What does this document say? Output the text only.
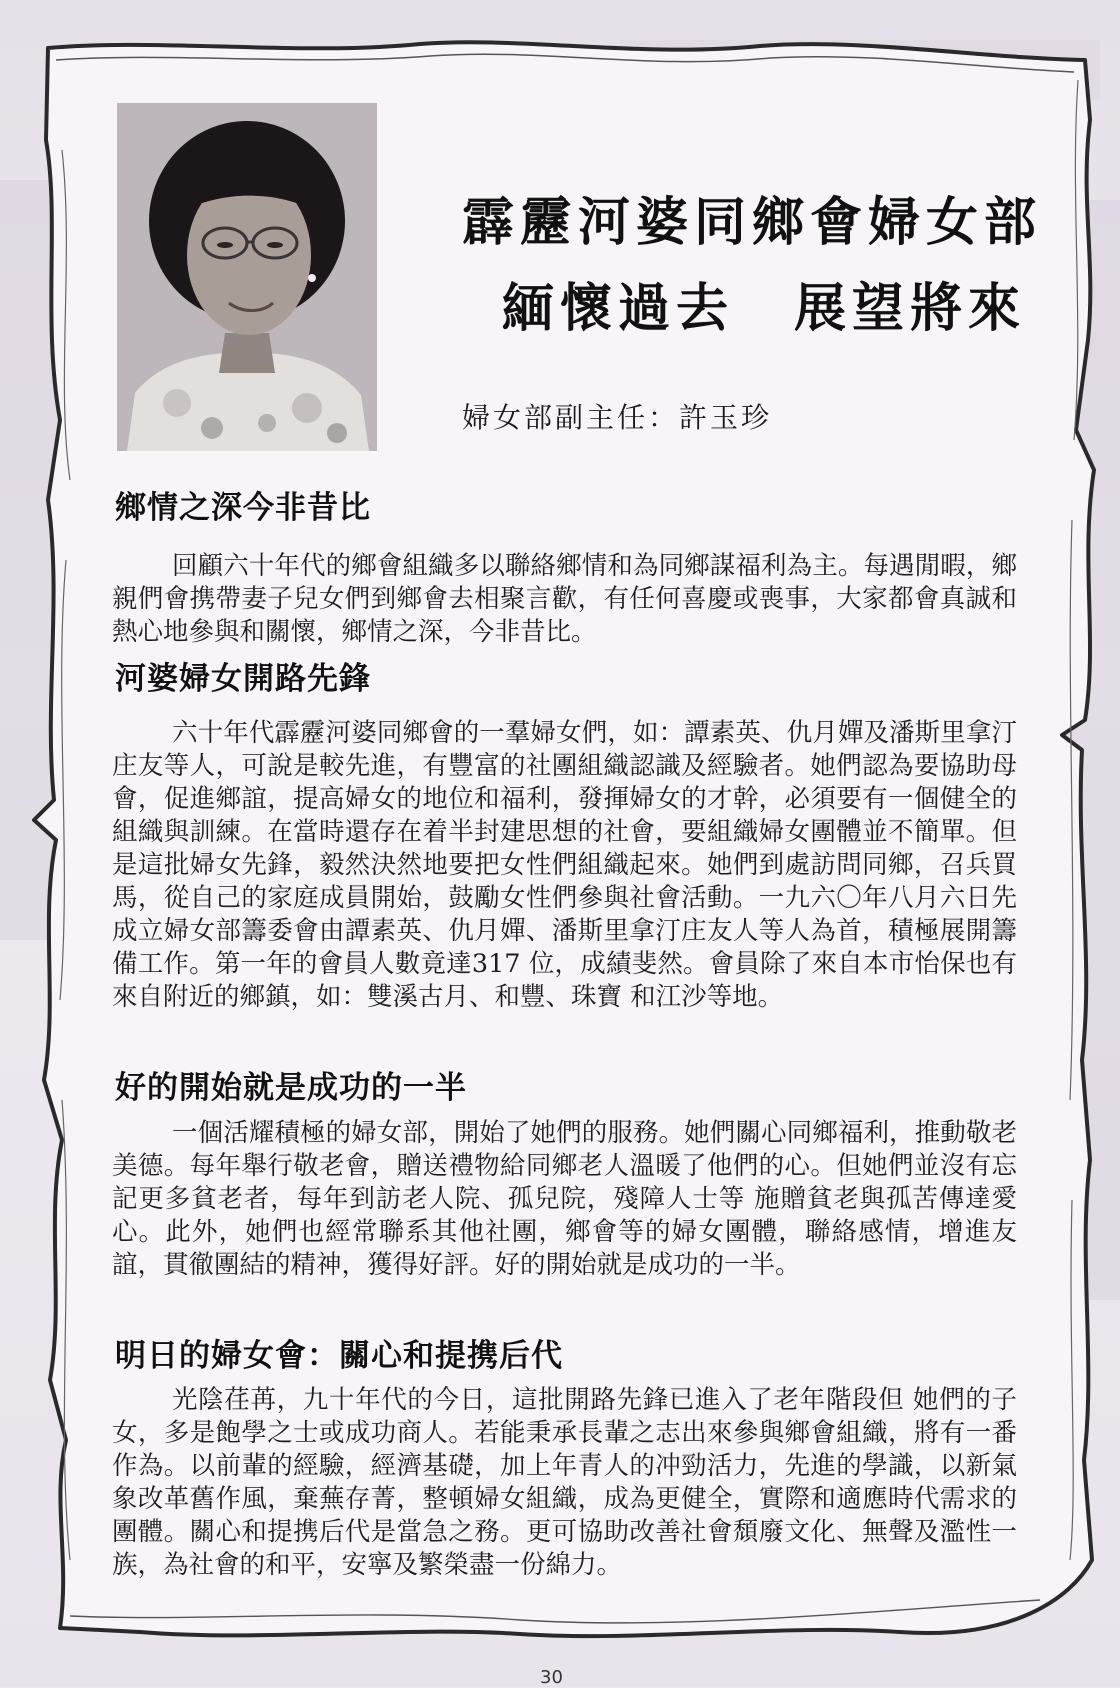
霹靂河婆同鄉會婦女部
緬懷過去 展望將來
婦女部副主任：許玉珍
鄉情之深今非昔比

回顧六十年代的鄉會組織多以聯絡鄉情和為同鄉謀福利為主。每遇閒暇，鄉親們會携帶妻子兒女們到鄉會去相聚言歡，有任何喜慶或喪事，大家都會真誠和熱心地參與和關懷，鄉情之深，今非昔比。

河婆婦女開路先鋒

六十年代霹靂河婆同鄉會的一羣婦女們，如：譚素英、仇月嬋及潘斯里拿汀庄友等人，可說是較先進，有豐富的社團組織認識及經驗者。她們認為要協助母會，促進鄉誼，提高婦女的地位和福利，發揮婦女的才幹，必須要有一個健全的組織與訓練。在當時還存在着半封建思想的社會，要組織婦女團體並不簡單。但是這批婦女先鋒，毅然決然地要把女性們組織起來。她們到處訪問同鄉，召兵買馬，從自己的家庭成員開始，鼓勵女性們參與社會活動。一九六〇年八月六日先成立婦女部籌委會由譚素英、仇月嬋、潘斯里拿汀庄友人等人為首，積極展開籌備工作。第一年的會員人數竟達317 位，成績斐然。會員除了來自本市怡保也有來自附近的鄉鎮，如：雙溪古月、和豐、珠寶 和江沙等地。

好的開始就是成功的一半

一個活耀積極的婦女部，開始了她們的服務。她們關心同鄉福利，推動敬老美德。每年舉行敬老會，贈送禮物給同鄉老人溫暖了他們的心。但她們並沒有忘記更多貧老者，每年到訪老人院、孤兒院，殘障人士等 施贈貧老與孤苦傳達愛心。此外，她們也經常聯系其他社團，鄉會等的婦女團體，聯絡感情，增進友誼，貫徹團結的精神，獲得好評。好的開始就是成功的一半。

明日的婦女會：關心和提携后代

光陰荏苒，九十年代的今日，這批開路先鋒已進入了老年階段但 她們的子女，多是飽學之士或成功商人。若能秉承長輩之志出來參與鄉會組織，將有一番作為。以前輩的經驗，經濟基礎，加上年青人的冲勁活力，先進的學識，以新氣象改革舊作風，棄蕪存菁，整頓婦女組織，成為更健全，實際和適應時代需求的團體。關心和提携后代是當急之務。更可協助改善社會頹廢文化、無聲及濫性一族，為社會的和平，安寧及繁榮盡一份綿力。

30
